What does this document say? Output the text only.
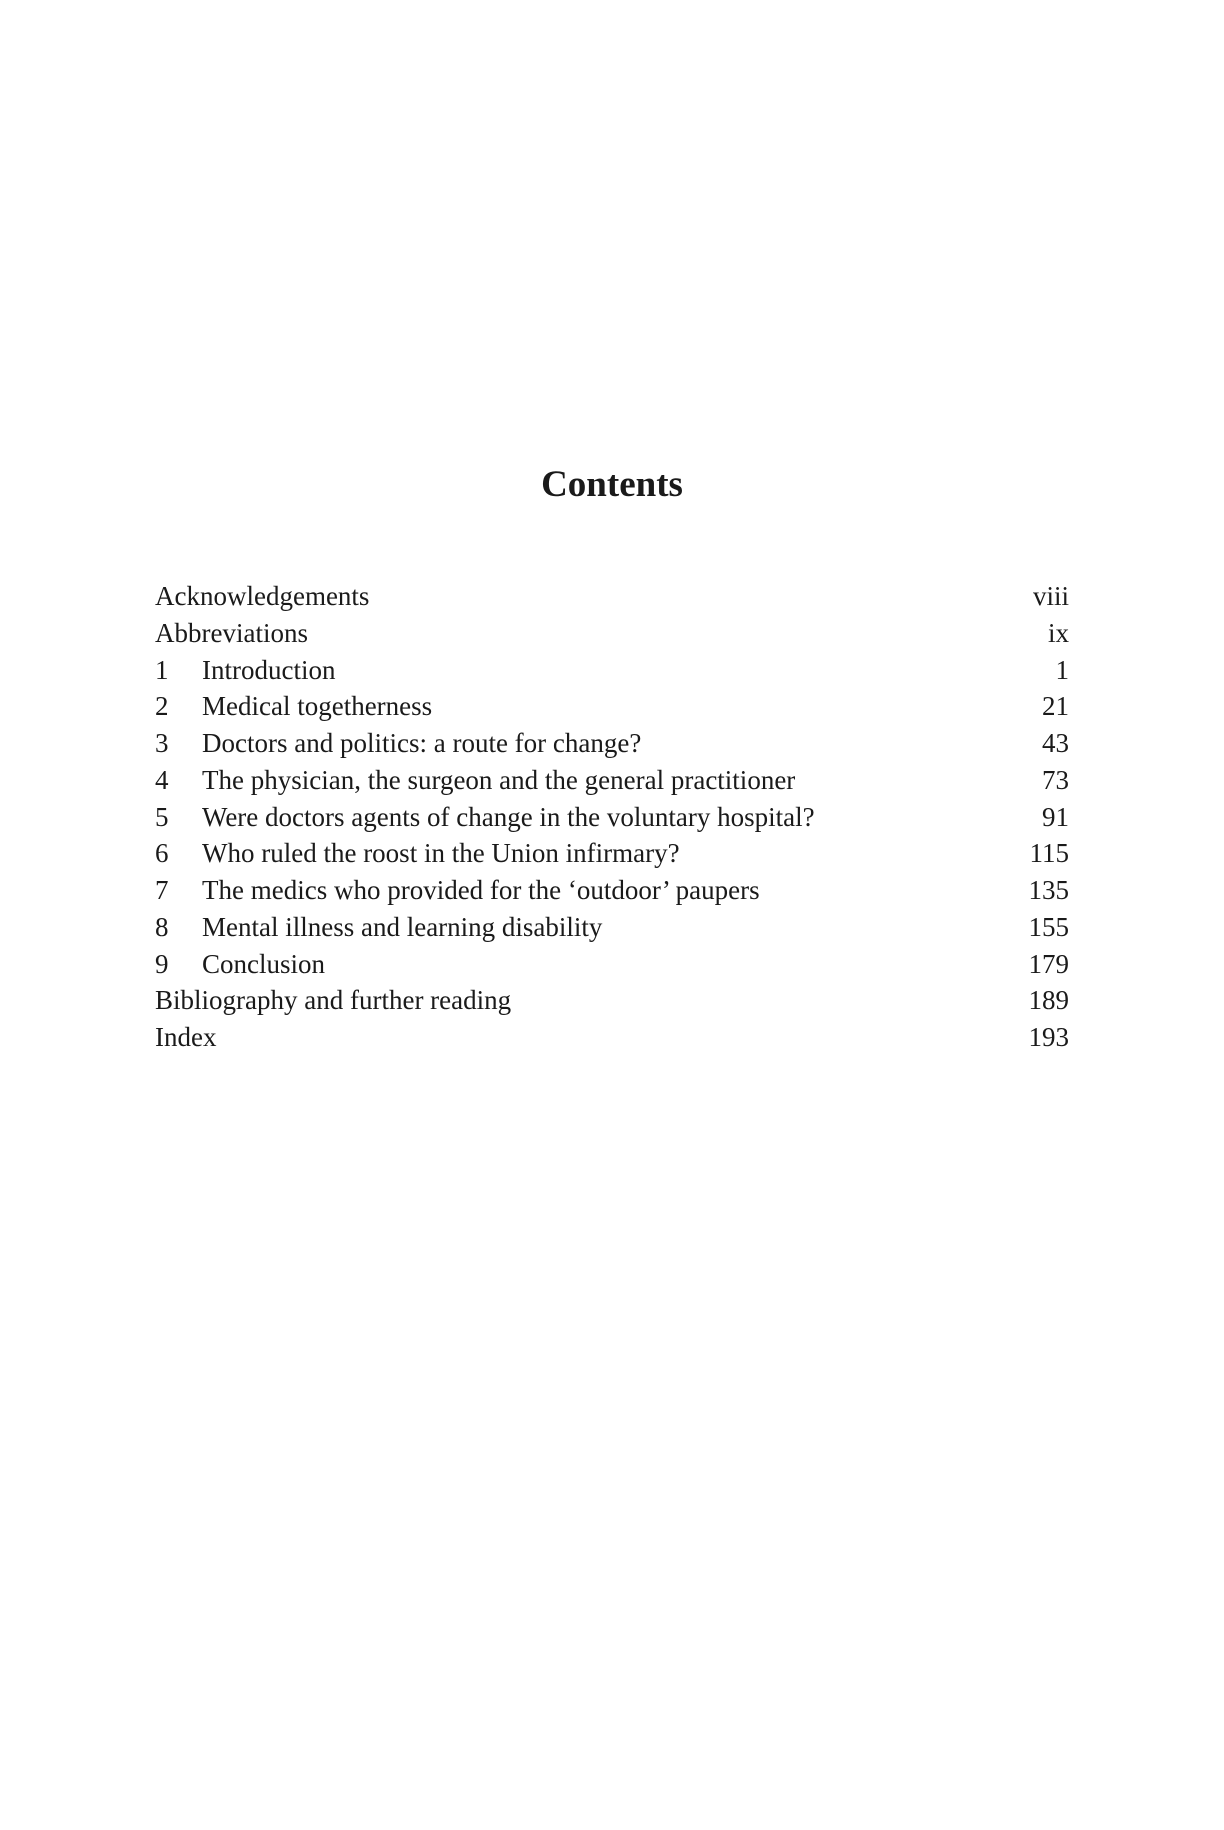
Contents
Acknowledgements	viii
Abbreviations	ix
1	Introduction	1
2	Medical togetherness	21
3	Doctors and politics: a route for change?	43
4	The physician, the surgeon and the general practitioner	73
5	Were doctors agents of change in the voluntary hospital?	91
6	Who ruled the roost in the Union infirmary?	115
7	The medics who provided for the ‘outdoor’ paupers	135
8	Mental illness and learning disability	155
9	Conclusion	179
Bibliography and further reading	189
Index	193
